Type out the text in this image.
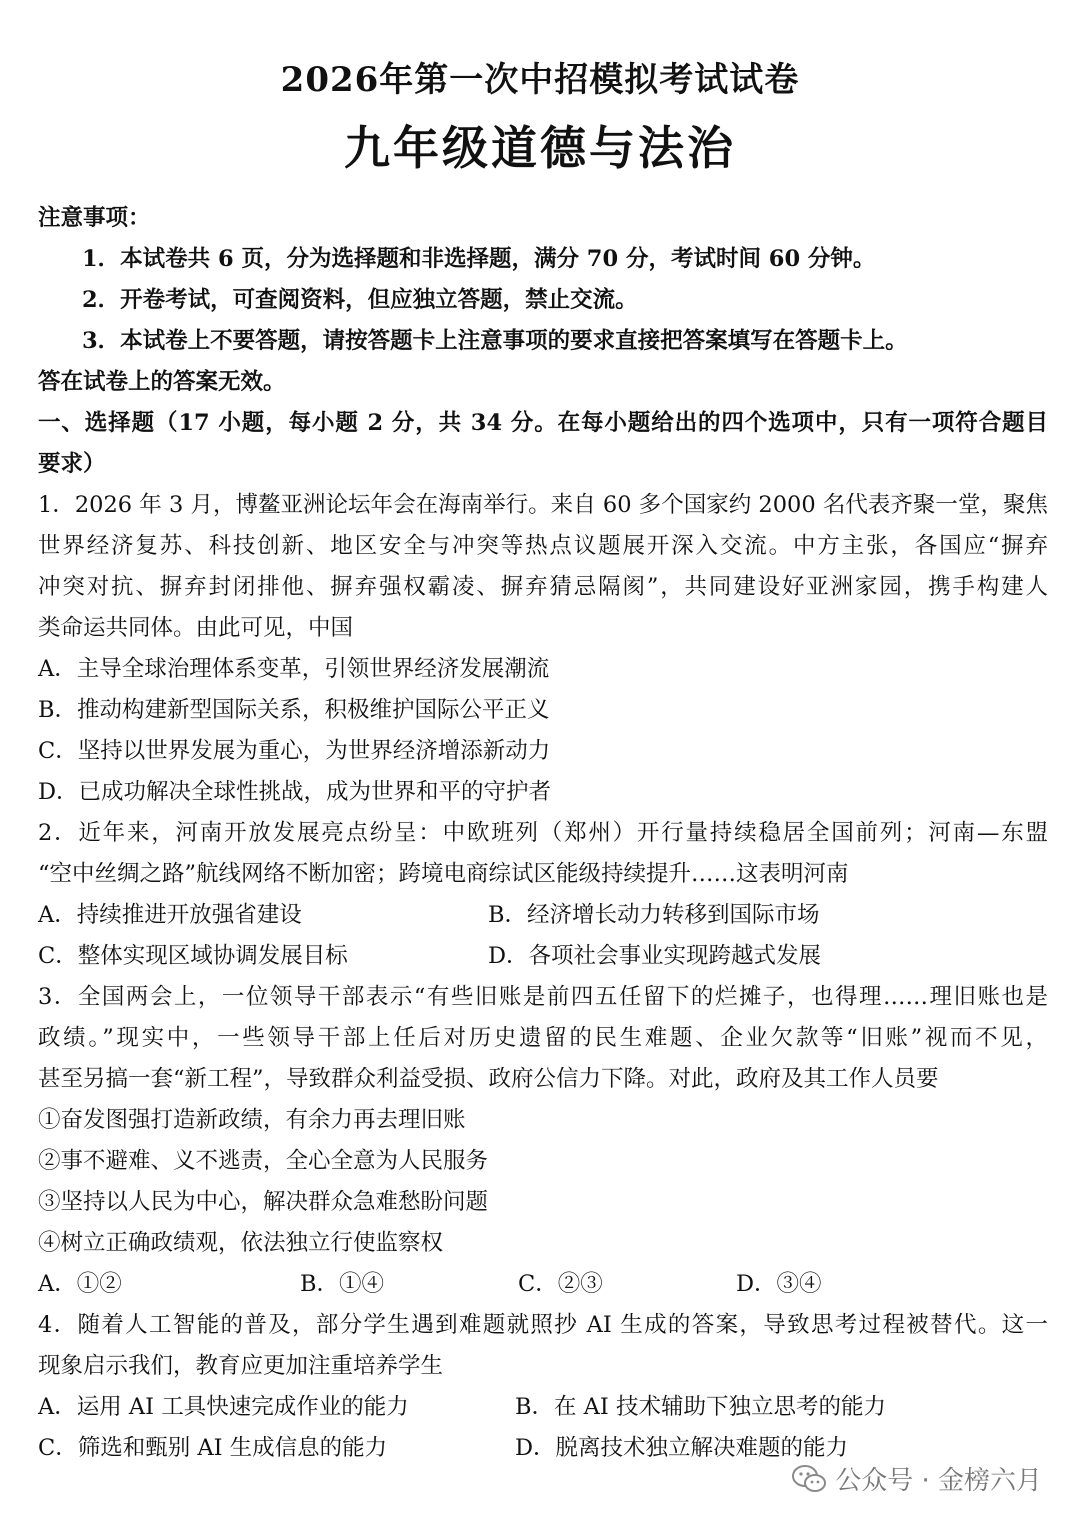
2026年第一次中招模拟考试试卷
九年级道德与法治
注意事项：
1．本试卷共 6 页，分为选择题和非选择题，满分 70 分，考试时间 60 分钟。
2．开卷考试，可查阅资料，但应独立答题，禁止交流。
3．本试卷上不要答题，请按答题卡上注意事项的要求直接把答案填写在答题卡上。
答在试卷上的答案无效。
一、选择题（17 小题，每小题 2 分，共 34 分。在每小题给出的四个选项中，只有一项符合题目
要求）
1．2026 年 3 月，博鳌亚洲论坛年会在海南举行。来自 60 多个国家约 2000 名代表齐聚一堂，聚焦
世界经济复苏、科技创新、地区安全与冲突等热点议题展开深入交流。中方主张，各国应“摒弃
冲突对抗、摒弃封闭排他、摒弃强权霸凌、摒弃猜忌隔阂”，共同建设好亚洲家园，携手构建人
类命运共同体。由此可见，中国
A．主导全球治理体系变革，引领世界经济发展潮流
B．推动构建新型国际关系，积极维护国际公平正义
C．坚持以世界发展为重心，为世界经济增添新动力
D．已成功解决全球性挑战，成为世界和平的守护者
2．近年来，河南开放发展亮点纷呈：中欧班列（郑州）开行量持续稳居全国前列；河南—东盟
“空中丝绸之路”航线网络不断加密；跨境电商综试区能级持续提升……这表明河南
A．持续推进开放强省建设	B．经济增长动力转移到国际市场
C．整体实现区域协调发展目标	D．各项社会事业实现跨越式发展
3．全国两会上，一位领导干部表示“有些旧账是前四五任留下的烂摊子，也得理……理旧账也是
政绩。”现实中，一些领导干部上任后对历史遗留的民生难题、企业欠款等“旧账”视而不见，
甚至另搞一套“新工程”，导致群众利益受损、政府公信力下降。对此，政府及其工作人员要
①奋发图强打造新政绩，有余力再去理旧账
②事不避难、义不逃责，全心全意为人民服务
③坚持以人民为中心，解决群众急难愁盼问题
④树立正确政绩观，依法独立行使监察权
A．①②	B．①④	C．②③	D．③④
4．随着人工智能的普及，部分学生遇到难题就照抄 AI 生成的答案，导致思考过程被替代。这一
现象启示我们，教育应更加注重培养学生
A．运用 AI 工具快速完成作业的能力	B．在 AI 技术辅助下独立思考的能力
C．筛选和甄别 AI 生成信息的能力	D．脱离技术独立解决难题的能力
公众号 · 金榜六月
